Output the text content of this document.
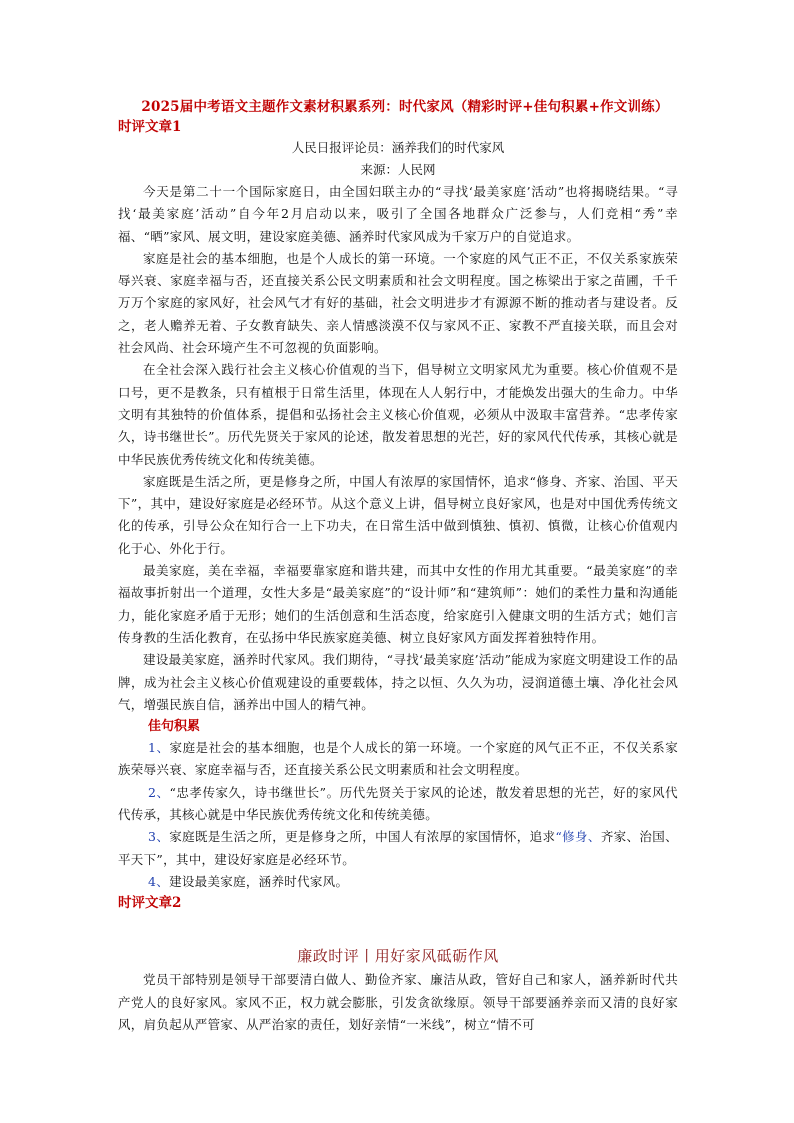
2025届中考语文主题作文素材积累系列：时代家风（精彩时评+佳句积累+作文训练）

时评文章1

人民日报评论员：涵养我们的时代家风

来源：人民网

今天是第二十一个国际家庭日，由全国妇联主办的“寻找‘最美家庭’活动”也将揭晓结果。“寻找‘最美家庭’活动”自今年2月启动以来，吸引了全国各地群众广泛参与，人们竞相“秀”幸福、“晒”家风、展文明，建设家庭美德、涵养时代家风成为千家万户的自觉追求。

家庭是社会的基本细胞，也是个人成长的第一环境。一个家庭的风气正不正，不仅关系家族荣辱兴衰、家庭幸福与否，还直接关系公民文明素质和社会文明程度。国之栋梁出于家之苗圃，千千万万个家庭的家风好，社会风气才有好的基础，社会文明进步才有源源不断的推动者与建设者。反之，老人赡养无着、子女教育缺失、亲人情感淡漠不仅与家风不正、家教不严直接关联，而且会对社会风尚、社会环境产生不可忽视的负面影响。

在全社会深入践行社会主义核心价值观的当下，倡导树立文明家风尤为重要。核心价值观不是口号，更不是教条，只有植根于日常生活里，体现在人人躬行中，才能焕发出强大的生命力。中华文明有其独特的价值体系，提倡和弘扬社会主义核心价值观，必须从中汲取丰富营养。“忠孝传家久，诗书继世长”。历代先贤关于家风的论述，散发着思想的光芒，好的家风代代传承，其核心就是中华民族优秀传统文化和传统美德。

家庭既是生活之所，更是修身之所，中国人有浓厚的家国情怀，追求“修身、齐家、治国、平天下”，其中，建设好家庭是必经环节。从这个意义上讲，倡导树立良好家风，也是对中国优秀传统文化的传承，引导公众在知行合一上下功夫，在日常生活中做到慎独、慎初、慎微，让核心价值观内化于心、外化于行。

最美家庭，美在幸福，幸福要靠家庭和谐共建，而其中女性的作用尤其重要。“最美家庭”的幸福故事折射出一个道理，女性大多是“最美家庭”的“设计师”和“建筑师”：她们的柔性力量和沟通能力，能化家庭矛盾于无形；她们的生活创意和生活态度，给家庭引入健康文明的生活方式；她们言传身教的生活化教育，在弘扬中华民族家庭美德、树立良好家风方面发挥着独特作用。

建设最美家庭，涵养时代家风。我们期待，“寻找‘最美家庭’活动”能成为家庭文明建设工作的品牌，成为社会主义核心价值观建设的重要载体，持之以恒、久久为功，浸润道德土壤、净化社会风气，增强民族自信，涵养出中国人的精气神。

佳句积累

1、家庭是社会的基本细胞，也是个人成长的第一环境。一个家庭的风气正不正，不仅关系家族荣辱兴衰、家庭幸福与否，还直接关系公民文明素质和社会文明程度。

2、“忠孝传家久，诗书继世长”。历代先贤关于家风的论述，散发着思想的光芒，好的家风代代传承，其核心就是中华民族优秀传统文化和传统美德。

3、家庭既是生活之所，更是修身之所，中国人有浓厚的家国情怀，追求“修身、齐家、治国、平天下”，其中，建设好家庭是必经环节。

4、建设最美家庭，涵养时代家风。

时评文章2

廉政时评丨用好家风砥砺作风

党员干部特别是领导干部要清白做人、勤俭齐家、廉洁从政，管好自己和家人，涵养新时代共产党人的良好家风。家风不正，权力就会膨胀，引发贪欲缘原。领导干部要涵养亲而又清的良好家风，肩负起从严管家、从严治家的责任，划好亲情“一米线”，树立“情不可
